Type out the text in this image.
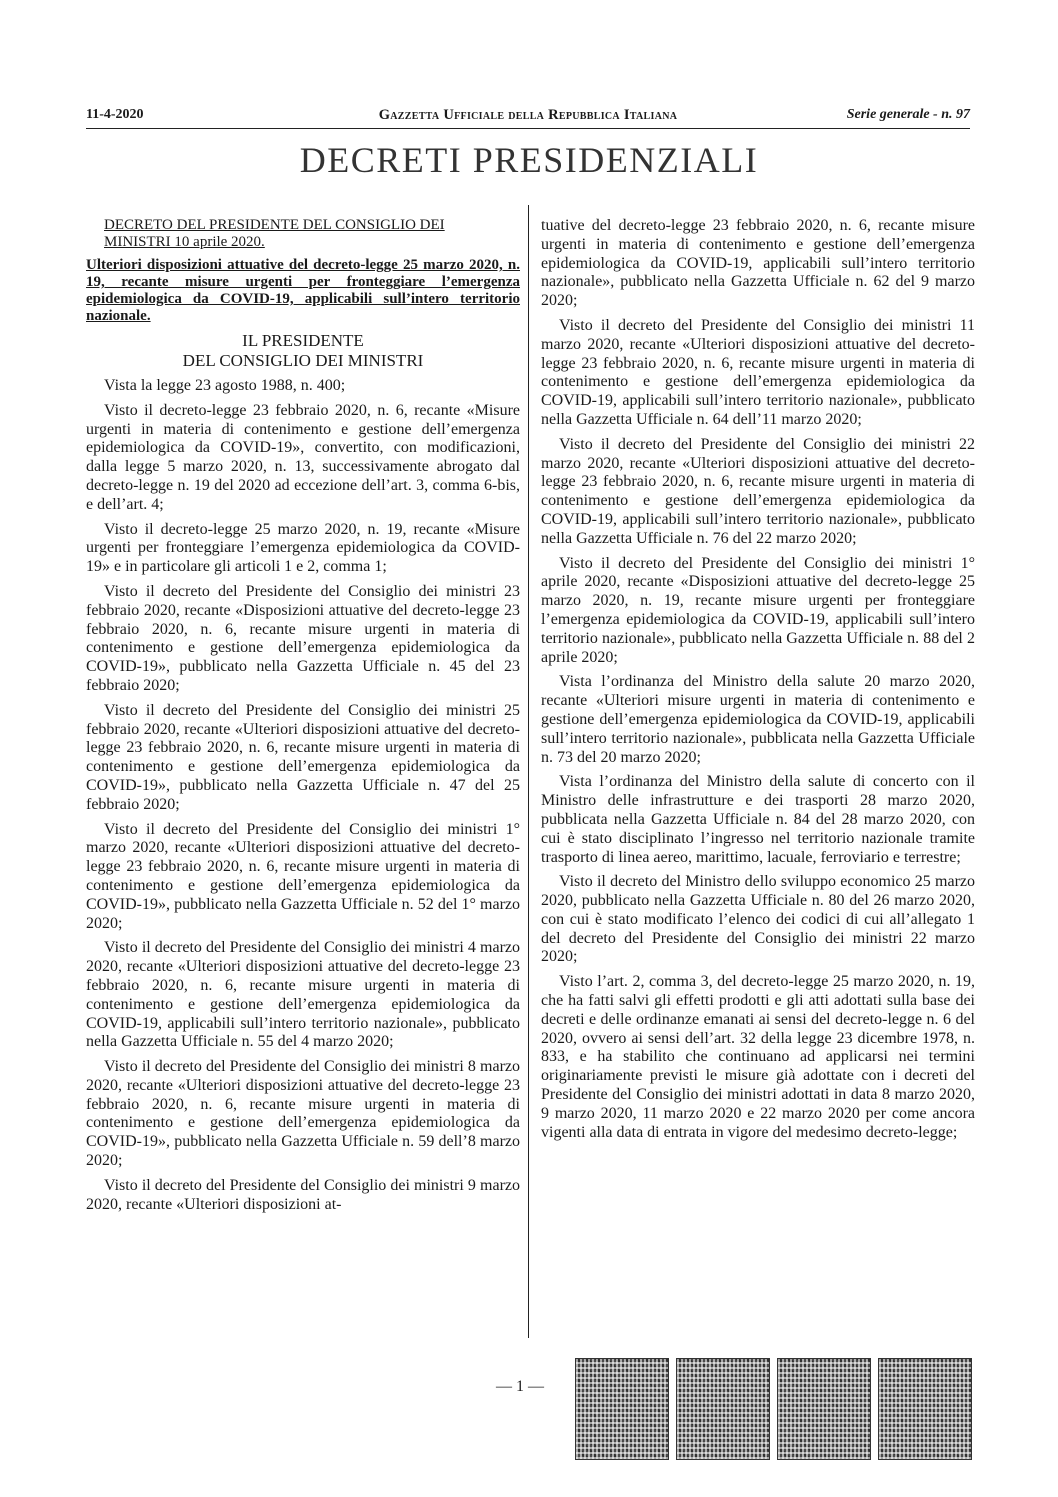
11-4-2020	Gazzetta Ufficiale della Repubblica Italiana	Serie generale - n. 97
DECRETI PRESIDENZIALI

DECRETO DEL PRESIDENTE DEL CONSIGLIO DEI
MINISTRI 10 aprile 2020.

Ulteriori disposizioni attuative del decreto-legge 25 marzo 2020, n. 19, recante misure urgenti per fronteggiare l’emergenza epidemiologica da COVID-19, applicabili sull’intero territorio nazionale.

IL PRESIDENTE
DEL CONSIGLIO DEI MINISTRI

Vista la legge 23 agosto 1988, n. 400;

Visto il decreto-legge 23 febbraio 2020, n. 6, recante «Misure urgenti in materia di contenimento e gestione dell’emergenza epidemiologica da COVID-19», convertito, con modificazioni, dalla legge 5 marzo 2020, n. 13, successivamente abrogato dal decreto-legge n. 19 del 2020 ad eccezione dell’art. 3, comma 6-bis, e dell’art. 4;

Visto il decreto-legge 25 marzo 2020, n. 19, recante «Misure urgenti per fronteggiare l’emergenza epidemiologica da COVID-19» e in particolare gli articoli 1 e 2, comma 1;

Visto il decreto del Presidente del Consiglio dei ministri 23 febbraio 2020, recante «Disposizioni attuative del decreto-legge 23 febbraio 2020, n. 6, recante misure urgenti in materia di contenimento e gestione dell’emergenza epidemiologica da COVID-19», pubblicato nella Gazzetta Ufficiale n. 45 del 23 febbraio 2020;

Visto il decreto del Presidente del Consiglio dei ministri 25 febbraio 2020, recante «Ulteriori disposizioni attuative del decreto-legge 23 febbraio 2020, n. 6, recante misure urgenti in materia di contenimento e gestione dell’emergenza epidemiologica da COVID-19», pubblicato nella Gazzetta Ufficiale n. 47 del 25 febbraio 2020;

Visto il decreto del Presidente del Consiglio dei ministri 1° marzo 2020, recante «Ulteriori disposizioni attuative del decreto-legge 23 febbraio 2020, n. 6, recante misure urgenti in materia di contenimento e gestione dell’emergenza epidemiologica da COVID-19», pubblicato nella Gazzetta Ufficiale n. 52 del 1° marzo 2020;

Visto il decreto del Presidente del Consiglio dei ministri 4 marzo 2020, recante «Ulteriori disposizioni attuative del decreto-legge 23 febbraio 2020, n. 6, recante misure urgenti in materia di contenimento e gestione dell’emergenza epidemiologica da COVID-19, applicabili sull’intero territorio nazionale», pubblicato nella Gazzetta Ufficiale n. 55 del 4 marzo 2020;

Visto il decreto del Presidente del Consiglio dei ministri 8 marzo 2020, recante «Ulteriori disposizioni attuative del decreto-legge 23 febbraio 2020, n. 6, recante misure urgenti in materia di contenimento e gestione dell’emergenza epidemiologica da COVID-19», pubblicato nella Gazzetta Ufficiale n. 59 dell’8 marzo 2020;

Visto il decreto del Presidente del Consiglio dei ministri 9 marzo 2020, recante «Ulteriori disposizioni at-

tuative del decreto-legge 23 febbraio 2020, n. 6, recante misure urgenti in materia di contenimento e gestione dell’emergenza epidemiologica da COVID-19, applicabili sull’intero territorio nazionale», pubblicato nella Gazzetta Ufficiale n. 62 del 9 marzo 2020;

Visto il decreto del Presidente del Consiglio dei ministri 11 marzo 2020, recante «Ulteriori disposizioni attuative del decreto-legge 23 febbraio 2020, n. 6, recante misure urgenti in materia di contenimento e gestione dell’emergenza epidemiologica da COVID-19, applicabili sull’intero territorio nazionale», pubblicato nella Gazzetta Ufficiale n. 64 dell’11 marzo 2020;

Visto il decreto del Presidente del Consiglio dei ministri 22 marzo 2020, recante «Ulteriori disposizioni attuative del decreto-legge 23 febbraio 2020, n. 6, recante misure urgenti in materia di contenimento e gestione dell’emergenza epidemiologica da COVID-19, applicabili sull’intero territorio nazionale», pubblicato nella Gazzetta Ufficiale n. 76 del 22 marzo 2020;

Visto il decreto del Presidente del Consiglio dei ministri 1° aprile 2020, recante «Disposizioni attuative del decreto-legge 25 marzo 2020, n. 19, recante misure urgenti per fronteggiare l’emergenza epidemiologica da COVID-19, applicabili sull’intero territorio nazionale», pubblicato nella Gazzetta Ufficiale n. 88 del 2 aprile 2020;

Vista l’ordinanza del Ministro della salute 20 marzo 2020, recante «Ulteriori misure urgenti in materia di contenimento e gestione dell’emergenza epidemiologica da COVID-19, applicabili sull’intero territorio nazionale», pubblicata nella Gazzetta Ufficiale n. 73 del 20 marzo 2020;

Vista l’ordinanza del Ministro della salute di concerto con il Ministro delle infrastrutture e dei trasporti 28 marzo 2020, pubblicata nella Gazzetta Ufficiale n. 84 del 28 marzo 2020, con cui è stato disciplinato l’ingresso nel territorio nazionale tramite trasporto di linea aereo, marittimo, lacuale, ferroviario e terrestre;

Visto il decreto del Ministro dello sviluppo economico 25 marzo 2020, pubblicato nella Gazzetta Ufficiale n. 80 del 26 marzo 2020, con cui è stato modificato l’elenco dei codici di cui all’allegato 1 del decreto del Presidente del Consiglio dei ministri 22 marzo 2020;

Visto l’art. 2, comma 3, del decreto-legge 25 marzo 2020, n. 19, che ha fatti salvi gli effetti prodotti e gli atti adottati sulla base dei decreti e delle ordinanze emanati ai sensi del decreto-legge n. 6 del 2020, ovvero ai sensi dell’art. 32 della legge 23 dicembre 1978, n. 833, e ha stabilito che continuano ad applicarsi nei termini originariamente previsti le misure già adottate con i decreti del Presidente del Consiglio dei ministri adottati in data 8 marzo 2020, 9 marzo 2020, 11 marzo 2020 e 22 marzo 2020 per come ancora vigenti alla data di entrata in vigore del medesimo decreto-legge;

— 1 —
